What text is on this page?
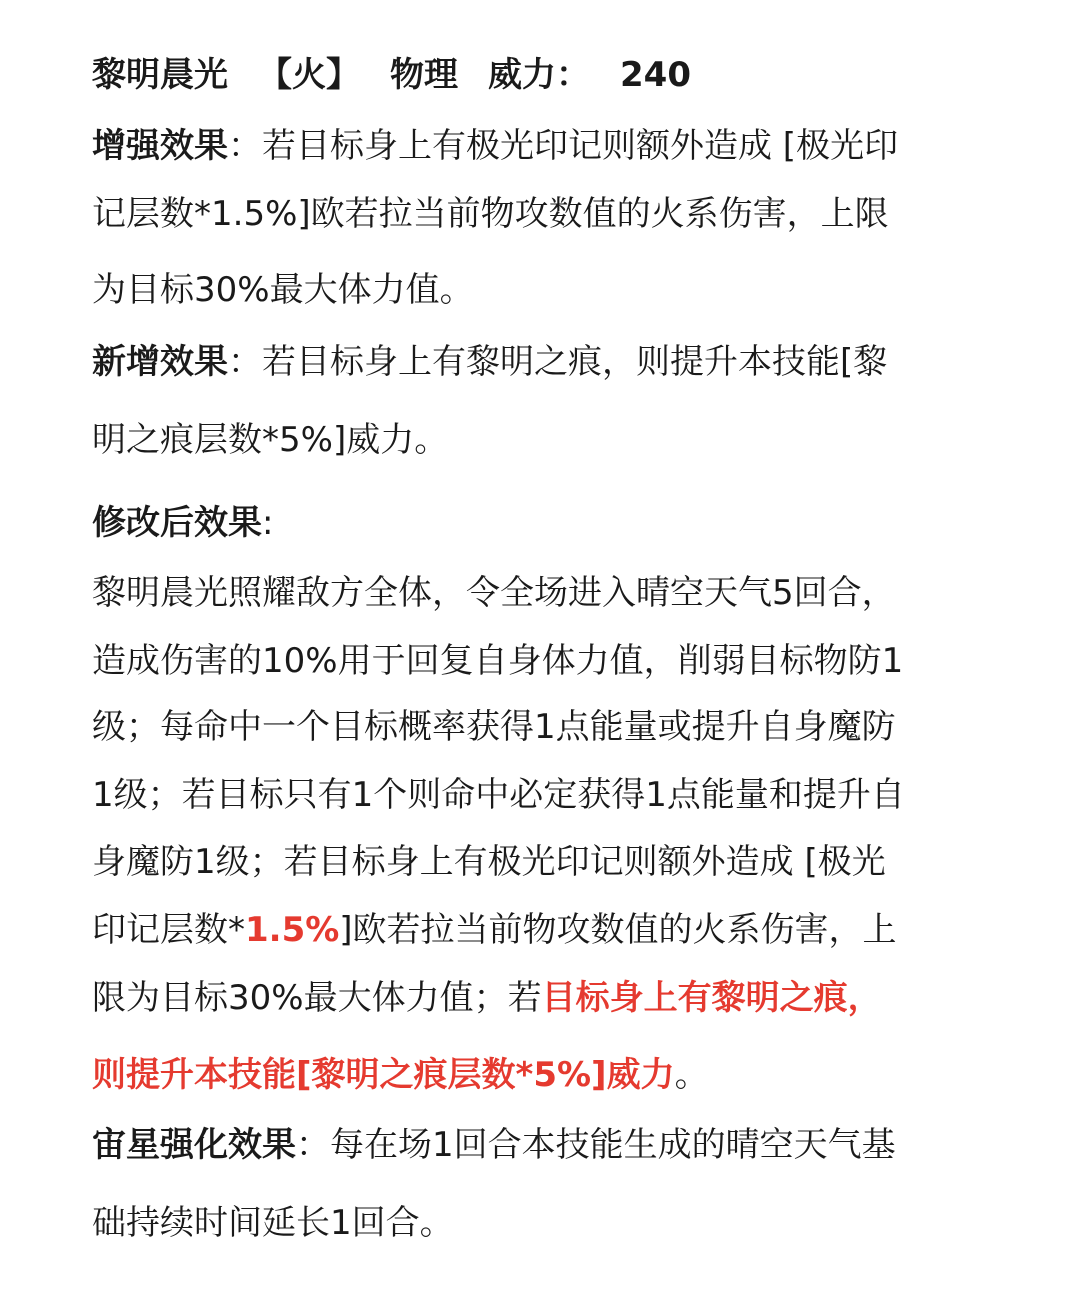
黎明晨光 【火】 物理 威力： 240
增强效果：若目标身上有极光印记则额外造成 [极光印
记层数*1.5%]欧若拉当前物攻数值的火系伤害，上限
为目标30%最大体力值。
新增效果：若目标身上有黎明之痕，则提升本技能[黎
明之痕层数*5%]威力。
修改后效果:
黎明晨光照耀敌方全体，令全场进入晴空天气5回合，
造成伤害的10%用于回复自身体力值，削弱目标物防1
级；每命中一个目标概率获得1点能量或提升自身魔防
1级；若目标只有1个则命中必定获得1点能量和提升自
身魔防1级；若目标身上有极光印记则额外造成 [极光
印记层数*1.5%]欧若拉当前物攻数值的火系伤害，上
限为目标30%最大体力值；若目标身上有黎明之痕，
则提升本技能[黎明之痕层数*5%]威力。
宙星强化效果：每在场1回合本技能生成的晴空天气基
础持续时间延长1回合。
